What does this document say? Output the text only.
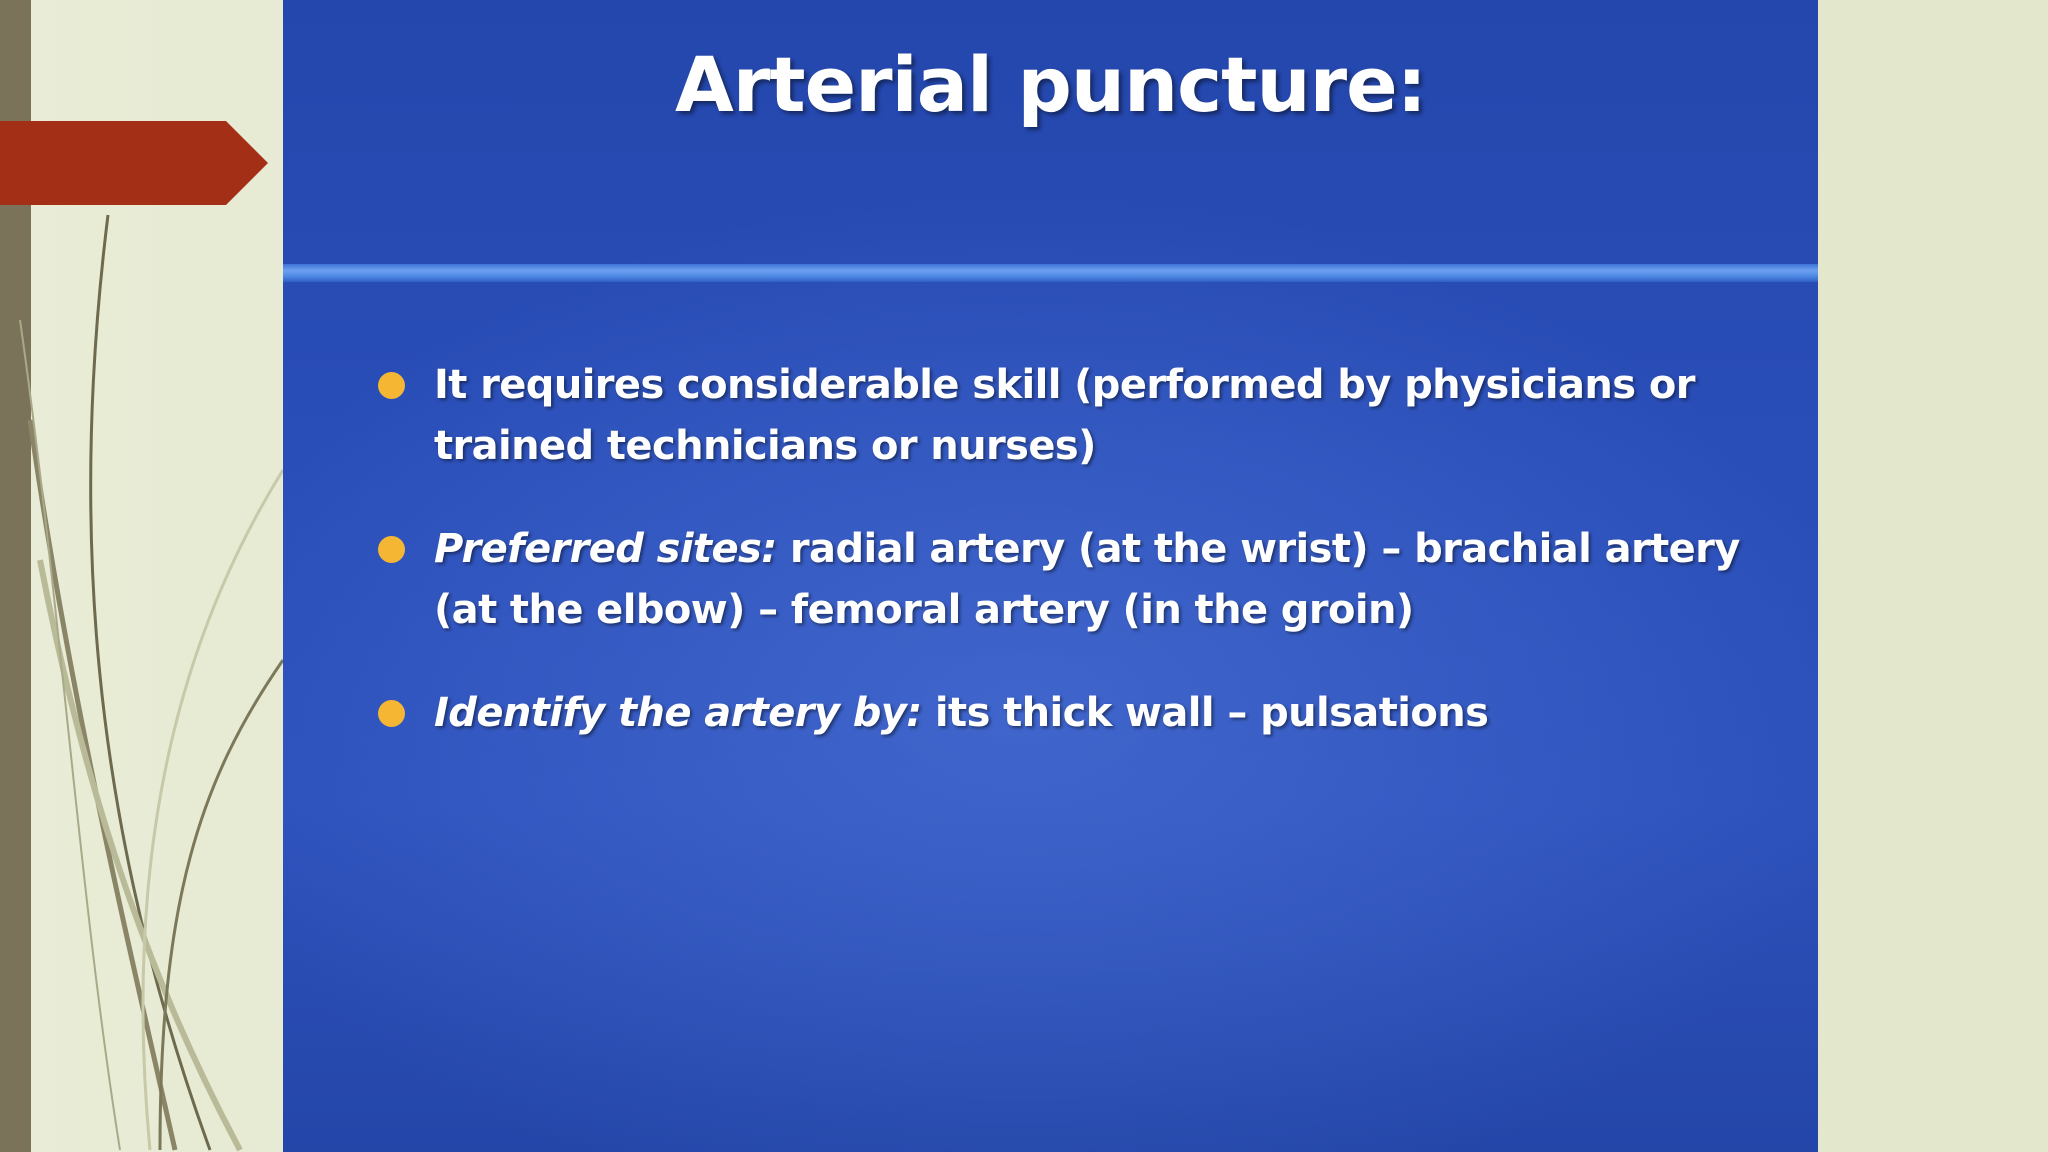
Arterial puncture:
It requires considerable skill (performed by physicians or trained technicians or nurses)
Preferred sites: radial artery (at the wrist) – brachial artery (at the elbow) – femoral artery (in the groin)
Identify the artery by: its thick wall – pulsations
